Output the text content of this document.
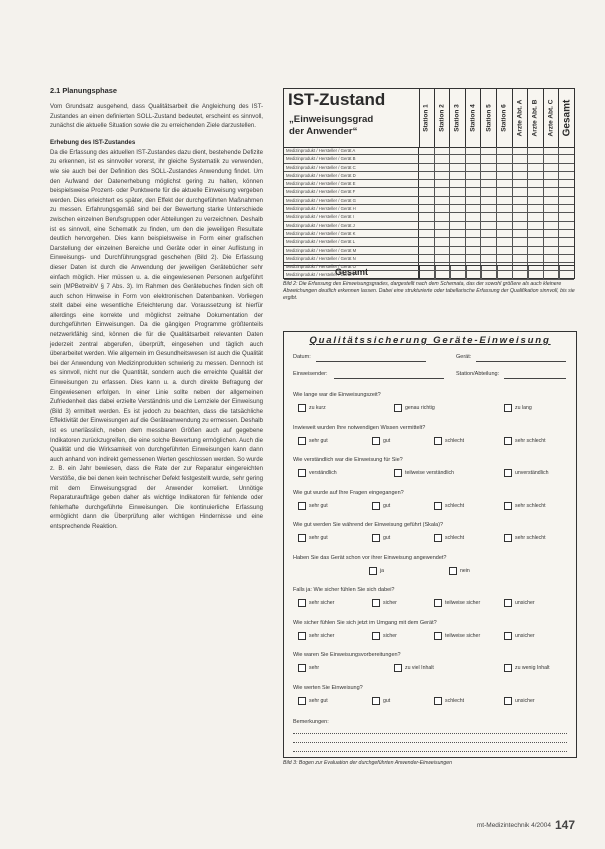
2.1 Planungsphase

Vom Grundsatz ausgehend, dass Qualitätsarbeit die Angleichung des IST-Zustandes an einen definierten SOLL-Zustand bedeutet, erscheint es sinnvoll, zunächst die aktuelle Situation sowie die zu erreichenden Ziele darzustellen.

Erhebung des IST-Zustandes

Da die Erfassung des aktuellen IST-Zustandes dazu dient, bestehende Defizite zu erkennen, ist es sinnvoller vorerst, ihr gleiche Systematik zu verwenden, wie sie auch bei der Definition des SOLL-Zustandes Anwendung findet. Um den Aufwand der Datenerhebung möglichst gering zu halten, können beispielsweise Prozent- oder Punktwerte für die aktuelle Einweisung vergeben werden. Dies erleichtert es später, den Effekt der durchgeführten Maßnahmen zu messen. Erfahrungsgemäß sind bei der Bewertung starke Unterschiede zwischen einzelnen Berufsgruppen oder Abteilungen zu verzeichnen. Deshalb ist es sinnvoll, eine Schematik zu finden, um den die jeweiligen Resultate deutlich hervorgehen. Dies kann beispielsweise in Form einer grafischen Darstellung der einzelnen Bereiche und Geräte oder in einer Auflistung in Einweisungs- und Durchführungsgrad geschehen (Bild 2). Die Erfassung dieser Daten ist durch die Anwendung der jeweiligen Gerätebücher sehr einfach möglich. Hier müssen u. a. die eingewiesenen Personen aufgeführt sein (MPBetreibV § 7 Abs. 3). Im Rahmen des Gerätebuches finden sich oft auch schon Hinweise in Form von elektronischen Datenbanken. Vorliegen stellt dabei eine wesentliche Erleichterung dar. Voraussetzung ist hierfür allerdings eine korrekte und möglichst zeitnahe Dokumentation der durchgeführten Einweisungen. Da die gängigen Programme größtenteils netzwerkfähig sind, können die für die Qualitätsarbeit relevanten Daten jederzeit zentral abgerufen, überprüft, eingesehen und täglich auch überarbeitet werden. Wie allgemein im Gesundheitswesen ist auch die Qualität bei der Anwendung von Medizinprodukten schwierig zu messen. Dennoch ist es sinnvoll, nicht nur die Quantität, sondern auch die erreichte Qualität der Einweisungen zu erfassen. Dies kann u. a. durch direkte Befragung der Eingewiesenen erfolgen. In einer Linie sollte neben der allgemeinen Zufriedenheit das dabei erzielte Verständnis und die Lernziele der Einweisung (Bild 3) ermittelt werden. Es ist jedoch zu beachten, dass die tatsächliche Effektivität der Einweisungen auf die Geräteanwendung zu ermessen. Deshalb ist es unerlässlich, neben dem messbaren Größen auch auf gegebene Indikatoren zurückzugreifen, die eine solche Bewertung ermöglichen. Auch die Qualität und die Wirksamkeit von durchgeführten Einweisungen kann dann auch anhand von indirekt gemessenen Werten geschlossen werden. So wurde z. B. ein Jahr bewiesen, dass die Rate der zur Reparatur eingereichten Verstöße, die bei denen kein technischer Defekt festgestellt wurde, sehr gering mit dem Einweisungsgrad der Anwender korreliert. Unnötige Reparaturaufträge geben daher als wichtige Indikatoren für fehlende oder fehlerhafte durchgeführte Einweisungen. Die kontinuierliche Erfassung ermöglicht dann die Überprüfung aller wichtigen Hindernisse und eine entsprechende Reaktion.

IST-Zustand
„Einweisungsgrad
der Anwender“	Station 1 Station 2 Station 3 Station 4 Station 5 Station 6 Arzte Abt. A Arzte Abt. B Arzte Abt. C Gesamt
Medizinprodukt / Hersteller / Gerät A
Medizinprodukt / Hersteller / Gerät B
Medizinprodukt / Hersteller / Gerät C
Medizinprodukt / Hersteller / Gerät D
Medizinprodukt / Hersteller / Gerät E
Medizinprodukt / Hersteller / Gerät F
Medizinprodukt / Hersteller / Gerät G
Medizinprodukt / Hersteller / Gerät H
Medizinprodukt / Hersteller / Gerät I
Medizinprodukt / Hersteller / Gerät J
Medizinprodukt / Hersteller / Gerät K
Medizinprodukt / Hersteller / Gerät L
Medizinprodukt / Hersteller / Gerät M
Medizinprodukt / Hersteller / Gerät N
Medizinprodukt / Hersteller / Gerät O
Medizinprodukt / Hersteller / Gerät P
Gesamt
Bild 2: Die Erfassung des Einweisungsgrades, dargestellt nach dem Schemata, das der sowohl größere als auch kleinere Abweichungen deutlich erkennen lassen. Dabei eine strukturierte oder tabellarische Erfassung der Qualifikation sinnvoll, bis sie ergibt.
Qualitätssicherung Geräte-Einweisung
Datum:	Gerät:
Einweisender:	Station/Abteilung:
Wie lange war die Einweisungszeit?
zu kurz	genau richtig	zu lang
Inwieweit wurden Ihre notwendigen Wissen vermittelt?
sehr gut	gut	schlecht	sehr schlecht
Wie verständlich war die Einweisung für Sie?
verständlich	teilweise verständlich	unverständlich
Wie gut wurde auf Ihre Fragen eingegangen?
sehr gut	gut	schlecht	sehr schlecht
Wie gut werden Sie während der Einweisung geführt (Skala)?
sehr gut	gut	schlecht	sehr schlecht
Haben Sie das Gerät schon vor ihrer Einweisung angewendet?
ja	nein
Falls ja: Wie sicher fühlen Sie sich dabei?
sehr sicher	sicher	teilweise sicher	unsicher
Wie sicher fühlen Sie sich jetzt im Umgang mit dem Gerät?
sehr sicher	sicher	teilweise sicher	unsicher
Wie waren Sie Einweisungsvorbereitungen?
sehr	zu viel Inhalt	zu wenig Inhalt
Wie werten Sie Einweisung?
sehr gut	gut	schlecht	unsicher
Bemerkungen:
Bild 3: Bogen zur Evaluation der durchgeführten Anwender-Einweisungen
mt-Medizintechnik 4/2004 147
